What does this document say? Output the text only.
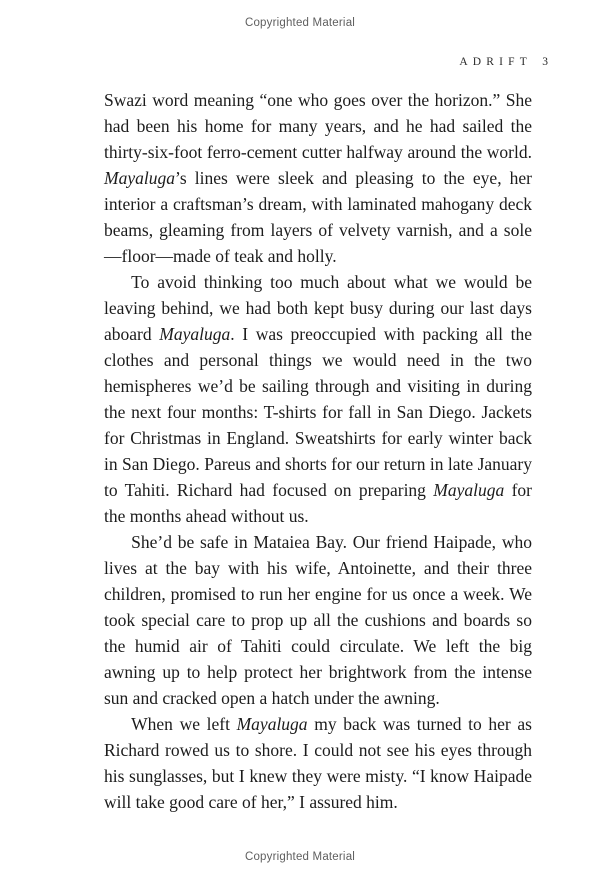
Copyrighted Material
ADRIFT 3

Swazi word meaning “one who goes over the horizon.” She had been his home for many years, and he had sailed the thirty-six-foot ferro-cement cutter halfway around the world. Mayaluga’s lines were sleek and pleasing to the eye, her interior a craftsman’s dream, with laminated mahogany deck beams, gleaming from layers of velvety varnish, and a sole—floor—made of teak and holly.

To avoid thinking too much about what we would be leaving behind, we had both kept busy during our last days aboard Mayaluga. I was preoccupied with packing all the clothes and personal things we would need in the two hemispheres we’d be sailing through and visiting in during the next four months: T-shirts for fall in San Diego. Jackets for Christmas in England. Sweatshirts for early winter back in San Diego. Pareus and shorts for our return in late January to Tahiti. Richard had focused on preparing Mayaluga for the months ahead without us.

She’d be safe in Mataiea Bay. Our friend Haipade, who lives at the bay with his wife, Antoinette, and their three children, promised to run her engine for us once a week. We took special care to prop up all the cushions and boards so the humid air of Tahiti could circulate. We left the big awning up to help protect her brightwork from the intense sun and cracked open a hatch under the awning.

When we left Mayaluga my back was turned to her as Richard rowed us to shore. I could not see his eyes through his sunglasses, but I knew they were misty. “I know Haipade will take good care of her,” I assured him.

Copyrighted Material
